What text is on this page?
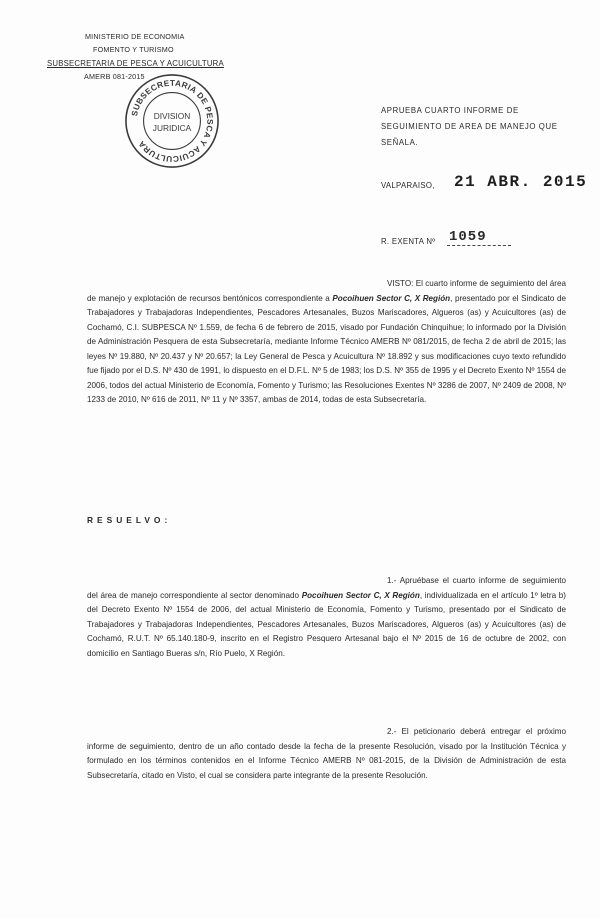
MINISTERIO DE ECONOMIA
FOMENTO Y TURISMO
SUBSECRETARIA DE PESCA Y ACUICULTURA
AMERB 081-2015
SUBSECRETARIA DE PESCA Y ACUICULTURA
DIVISION
JURIDICA
APRUEBA CUARTO INFORME DE SEGUIMIENTO DE AREA DE MANEJO QUE SEÑALA.
VALPARAISO, 21 ABR. 2015
R. EXENTA Nº 1059
VISTO: El cuarto informe de seguimiento del área de manejo y explotación de recursos bentónicos correspondiente a Pocoihuen Sector C, X Región, presentado por el Sindicato de Trabajadores y Trabajadoras Independientes, Pescadores Artesanales, Buzos Mariscadores, Algueros (as) y Acuicultores (as) de Cochamó, C.I. SUBPESCA Nº 1.559, de fecha 6 de febrero de 2015, visado por Fundación Chinquihue; lo informado por la División de Administración Pesquera de esta Subsecretaría, mediante Informe Técnico AMERB Nº 081/2015, de fecha 2 de abril de 2015; las leyes Nº 19.880, Nº 20.437 y Nº 20.657; la Ley General de Pesca y Acuicultura Nº 18.892 y sus modificaciones cuyo texto refundido fue fijado por el D.S. Nº 430 de 1991, lo dispuesto en el D.F.L. Nº 5 de 1983; los D.S. Nº 355 de 1995 y el Decreto Exento Nº 1554 de 2006, todos del actual Ministerio de Economía, Fomento y Turismo; las Resoluciones Exentes Nº 3286 de 2007, Nº 2409 de 2008, Nº 1233 de 2010, Nº 616 de 2011, Nº 11 y Nº 3357, ambas de 2014, todas de esta Subsecretaría.
RESUELVO:
1.- Apruébase el cuarto informe de seguimiento del área de manejo correspondiente al sector denominado Pocoihuen Sector C, X Región, individualizada en el artículo 1º letra b) del Decreto Exento Nº 1554 de 2006, del actual Ministerio de Economía, Fomento y Turismo, presentado por el Sindicato de Trabajadores y Trabajadoras Independientes, Pescadores Artesanales, Buzos Mariscadores, Algueros (as) y Acuicultores (as) de Cochamó, R.U.T. Nº 65.140.180-9, inscrito en el Registro Pesquero Artesanal bajo el Nº 2015 de 16 de octubre de 2002, con domicilio en Santiago Bueras s/n, Río Puelo, X Región.
2.- El peticionario deberá entregar el próximo informe de seguimiento, dentro de un año contado desde la fecha de la presente Resolución, visado por la Institución Técnica y formulado en los términos contenidos en el Informe Técnico AMERB Nº 081-2015, de la División de Administración de esta Subsecretaría, citado en Visto, el cual se considera parte integrante de la presente Resolución.
